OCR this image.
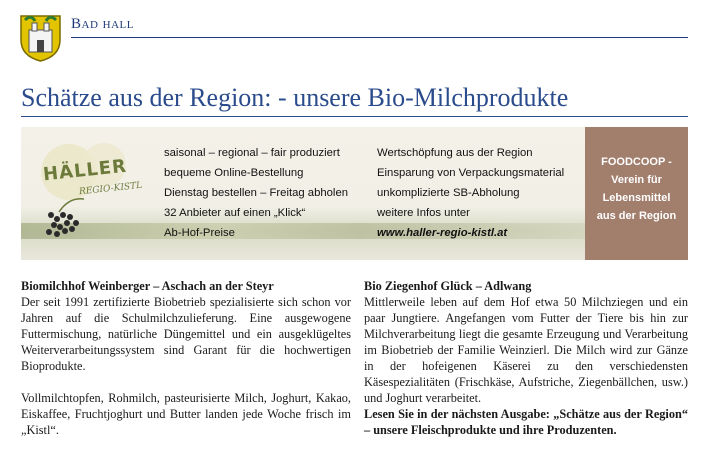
Bad hall
Schätze aus der Region: - unsere Bio-Milchprodukte
HÄLLER
REGIO-KISTL
saisonal – regional – fair produziert
bequeme Online-Bestellung
Dienstag bestellen – Freitag abholen
32 Anbieter auf einen „Klick“
Ab-Hof-Preise
Wertschöpfung aus der Region
Einsparung von Verpackungsmaterial
unkomplizierte SB-Abholung
weitere Infos unter
www.haller-regio-kistl.at
FOODCOOP -
Verein für
Lebensmittel
aus der Region

Biomilchhof Weinberger – Aschach an der Steyr

Der seit 1991 zertifizierte Biobetrieb spezialisierte sich schon vor Jahren auf die Schulmilchzulieferung. Eine ausgewogene Futtermischung, natürliche Düngemittel und ein ausgeklügeltes Weiterverarbeitungssystem sind Garant für die hochwertigen Bioprodukte.

Vollmilchtopfen, Rohmilch, pasteurisierte Milch, Joghurt, Kakao, Eiskaffee, Fruchtjoghurt und Butter landen jede Woche frisch im „Kistl“.

Bio Ziegenhof Glück – Adlwang

Mittlerweile leben auf dem Hof etwa 50 Milchziegen und ein paar Jungtiere. Angefangen vom Futter der Tiere bis hin zur Milchverarbeitung liegt die gesamte Erzeugung und Verarbeitung im Biobetrieb der Familie Weinzierl. Die Milch wird zur Gänze in der hofeigenen Käserei zu den verschiedensten Käsespezialitäten (Frischkäse, Aufstriche, Ziegenbällchen, usw.) und Joghurt verarbeitet.

Lesen Sie in der nächsten Ausgabe: „Schätze aus der Region“ – unsere Fleischprodukte und ihre Produzenten.
